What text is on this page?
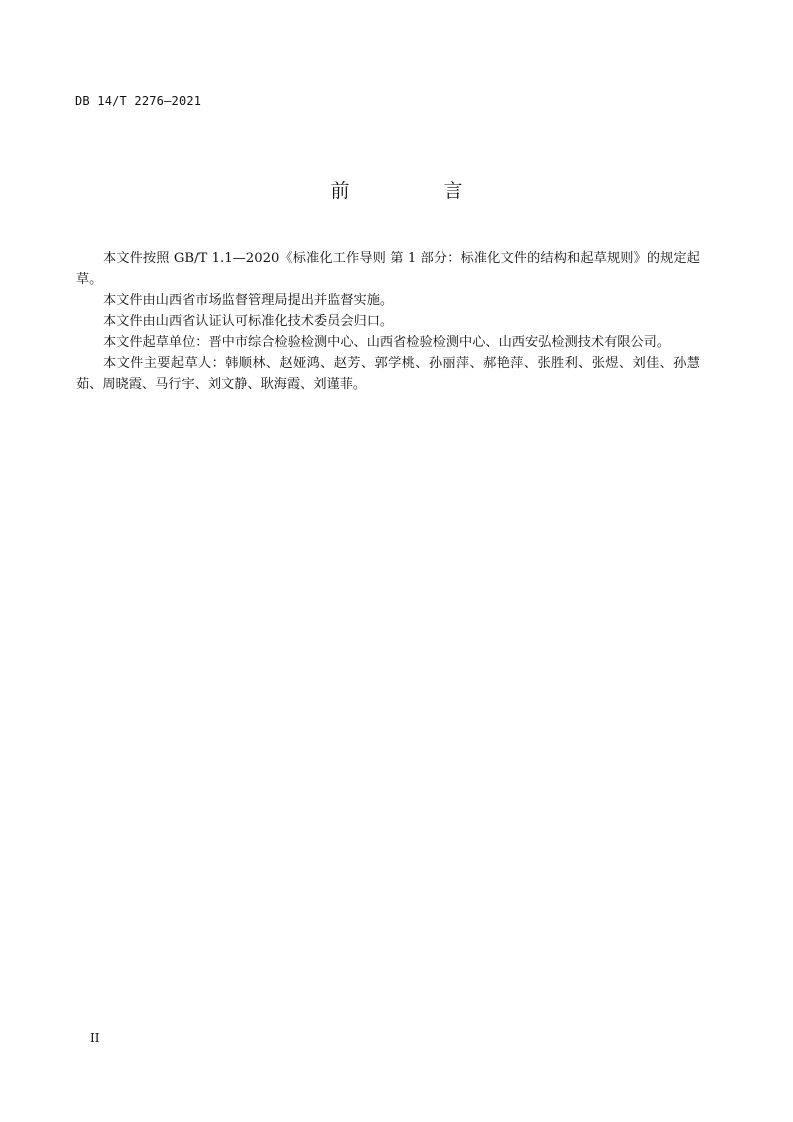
DB 14/T 2276—2021
前 言

本文件按照 GB/T 1.1—2020《标准化工作导则 第 1 部分：标准化文件的结构和起草规则》的规定起草。

本文件由山西省市场监督管理局提出并监督实施。

本文件由山西省认证认可标准化技术委员会归口。

本文件起草单位：晋中市综合检验检测中心、山西省检验检测中心、山西安弘检测技术有限公司。

本文件主要起草人：韩顺林、赵娅鸿、赵芳、郭学桃、孙丽萍、郝艳萍、张胜利、张煜、刘佳、孙慧茹、周晓霞、马行宇、刘文静、耿海霞、刘谨菲。

II
